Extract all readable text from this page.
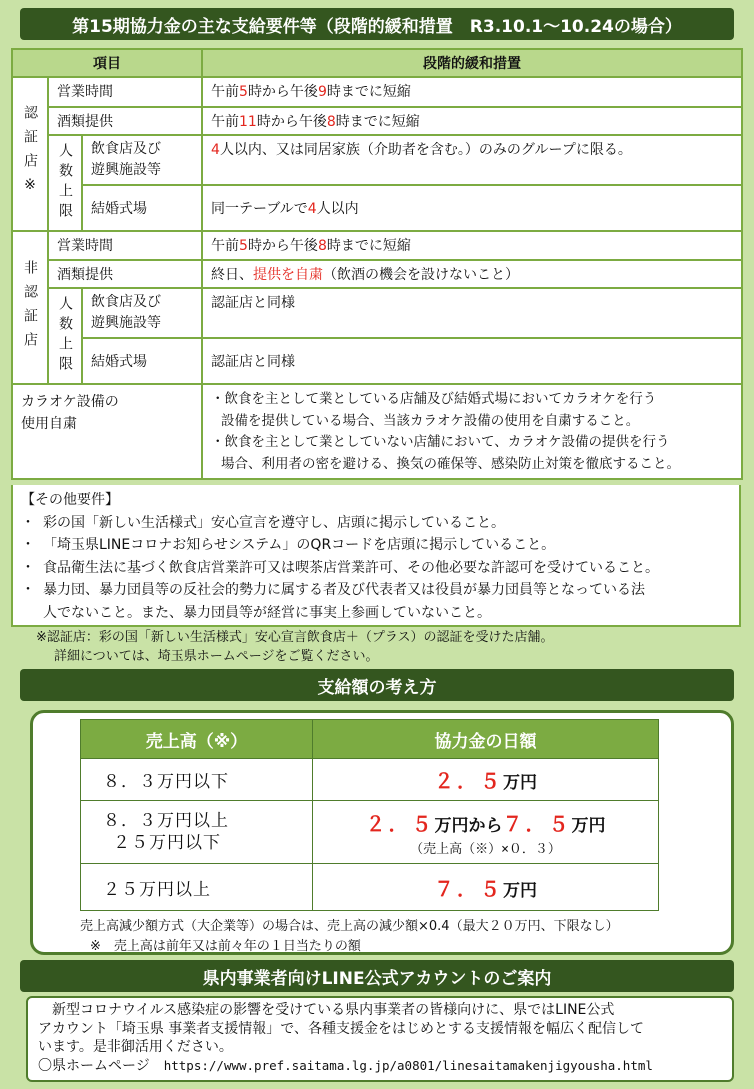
第15期協力金の主な支給要件等（段階的緩和措置　R3.10.1～10.24の場合）
項目			段階的緩和措置
認証店※	営業時間		午前5時から午後9時までに短縮
	酒類提供		午前11時から午後8時までに短縮
	人数上限	飲食店及び
遊興施設等	4人以内、又は同居家族（介助者を含む。）のみのグループに限る。
		結婚式場	同一テーブルで4人以内
非認証店	営業時間		午前5時から午後8時までに短縮
	酒類提供		終日、提供を自粛（飲酒の機会を設けないこと）
	人数上限	飲食店及び
遊興施設等	認証店と同様
		結婚式場	認証店と同様
カラオケ設備の
使用自粛			・飲食を主として業としている店舗及び結婚式場においてカラオケを行う
設備を提供している場合、当該カラオケ設備の使用を自粛すること。
・飲食を主として業としていない店舗において、カラオケ設備の提供を行う
場合、利用者の密を避ける、換気の確保等、感染防止対策を徹底すること。
【その他要件】
・ 彩の国「新しい生活様式」安心宣言を遵守し、店頭に掲示していること。
・ 「埼玉県LINEコロナお知らせシステム」のQRコードを店頭に掲示していること。
・ 食品衛生法に基づく飲食店営業許可又は喫茶店営業許可、その他必要な許認可を受けていること。
・ 暴力団、暴力団員等の反社会的勢力に属する者及び代表者又は役員が暴力団員等となっている法
人でないこと。また、暴力団員等が経営に事実上参画していないこと。
※認証店：彩の国「新しい生活様式」安心宣言飲食店＋（プラス）の認証を受けた店舗。
詳細については、埼玉県ホームページをご覧ください。
支給額の考え方
売上高（※）	協力金の日額
８．３万円以下	２．５万円
８．３万円以上
２５万円以下	２．５万円から７．５万円
（売上高（※）×０．３）

２５万円以上	７．５万円
売上高減少額方式（大企業等）の場合は、売上高の減少額×0.4（最大２０万円、下限なし）
※　売上高は前年又は前々年の１日当たりの額
県内事業者向けLINE公式アカウントのご案内
新型コロナウイルス感染症の影響を受けている県内事業者の皆様向けに、県ではLINE公式
アカウント「埼玉県 事業者支援情報」で、各種支援金をはじめとする支援情報を幅広く配信して
います。是非御活用ください。
〇県ホームページ https://www.pref.saitama.lg.jp/a0801/linesaitamakenjigyousha.html
